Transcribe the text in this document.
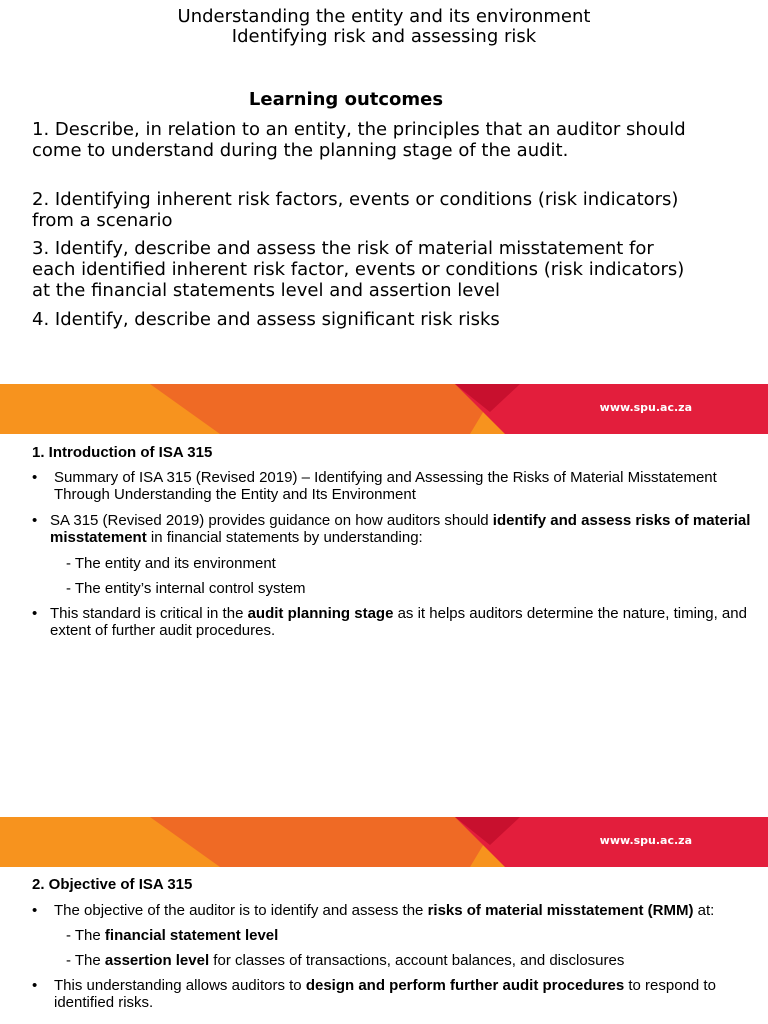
Understanding the entity and its environment
Identifying risk and assessing risk
Learning outcomes
1. Describe, in relation to an entity, the principles that an auditor should come to understand during the planning stage of the audit.
2. Identifying inherent risk factors, events or conditions (risk indicators) from a scenario
3. Identify, describe and assess the risk of material misstatement for each identified inherent risk factor, events or conditions (risk indicators) at the financial statements level and assertion level
4. Identify, describe and assess significant risk risks
www.spu.ac.za
1. Introduction of ISA 315
• Summary of ISA 315 (Revised 2019) – Identifying and Assessing the Risks of Material Misstatement Through Understanding the Entity and Its Environment
• SA 315 (Revised 2019) provides guidance on how auditors should identify and assess risks of material misstatement in financial statements by understanding:
- The entity and its environment
- The entity’s internal control system
• This standard is critical in the audit planning stage as it helps auditors determine the nature, timing, and extent of further audit procedures.
www.spu.ac.za
2. Objective of ISA 315
• The objective of the auditor is to identify and assess the risks of material misstatement (RMM) at:
- The financial statement level
- The assertion level for classes of transactions, account balances, and disclosures
• This understanding allows auditors to design and perform further audit procedures to respond to identified risks.
